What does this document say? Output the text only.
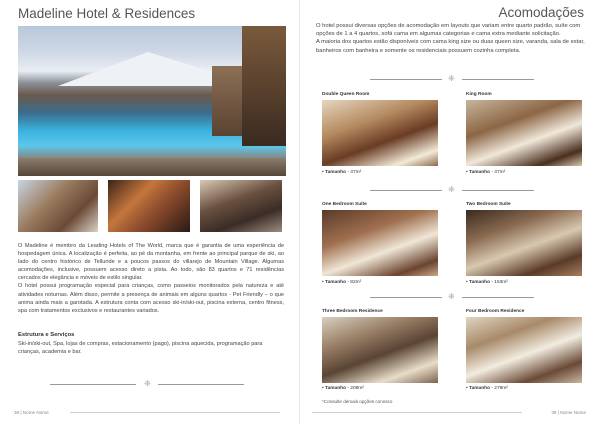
Madeline Hotel & Residences

O Madeline é membro da Leading Hotels of The World, marca que é garantia de uma experiência de hospedagem única. A localização é perfeita, ao pé da montanha, em frente ao principal parque de ski, ao lado do centro histórico de Telluride e a poucos passos do villarejo de Mountain Village. Algumas acomodações, inclusive, possuem acesso direto a pista. Ao todo, são 83 quartos e 71 residências cercados de elegância e móveis de estilo singular.

O hotel possui programação especial para crianças, como passeios monitorados pela natureza e até atividades noturnas. Além disso, permite a presença de animais em alguns quartos - Pet Friendly – o que anima ainda mais a garotada. A estrutura conta com acesso ski-in/ski-out, piscina externa, centro fitness, spa com tratamentos exclusivos e restaurantes variados.

Estrutura e Serviços
Ski-in/ski-out, Spa, lojas de compras, estacionamento (pago), piscina aquecida, programação para crianças, academia e bar.
❈
38 | Nome Nome
Acomodações

O hotel possui diversas opções de acomodação em layouts que variam entre quarto padrão, suíte com opções de 1 a 4 quartos, sofá cama em algumas categorias e cama extra mediante solicitação.

A maioria dos quartos estão disponíveis com cama king size ou duas queen size, varanda, sala de estar, banheiros com banheira e somente os residenciais possuem cozinha completa.

❈
Double Queen Room
• Tamanho - 47m²
King Room
• Tamanho - 47m²
❈
One Bedroom Suite
• Tamanho - 82m²
Two Bedroom Suite
• Tamanho - 153m²
❈
Three Bedroom Residence
• Tamanho - 208m²
Four Bedroom Residence
• Tamanho - 279m²
*Consulte demais opções conosco
39 | Nome Nome
